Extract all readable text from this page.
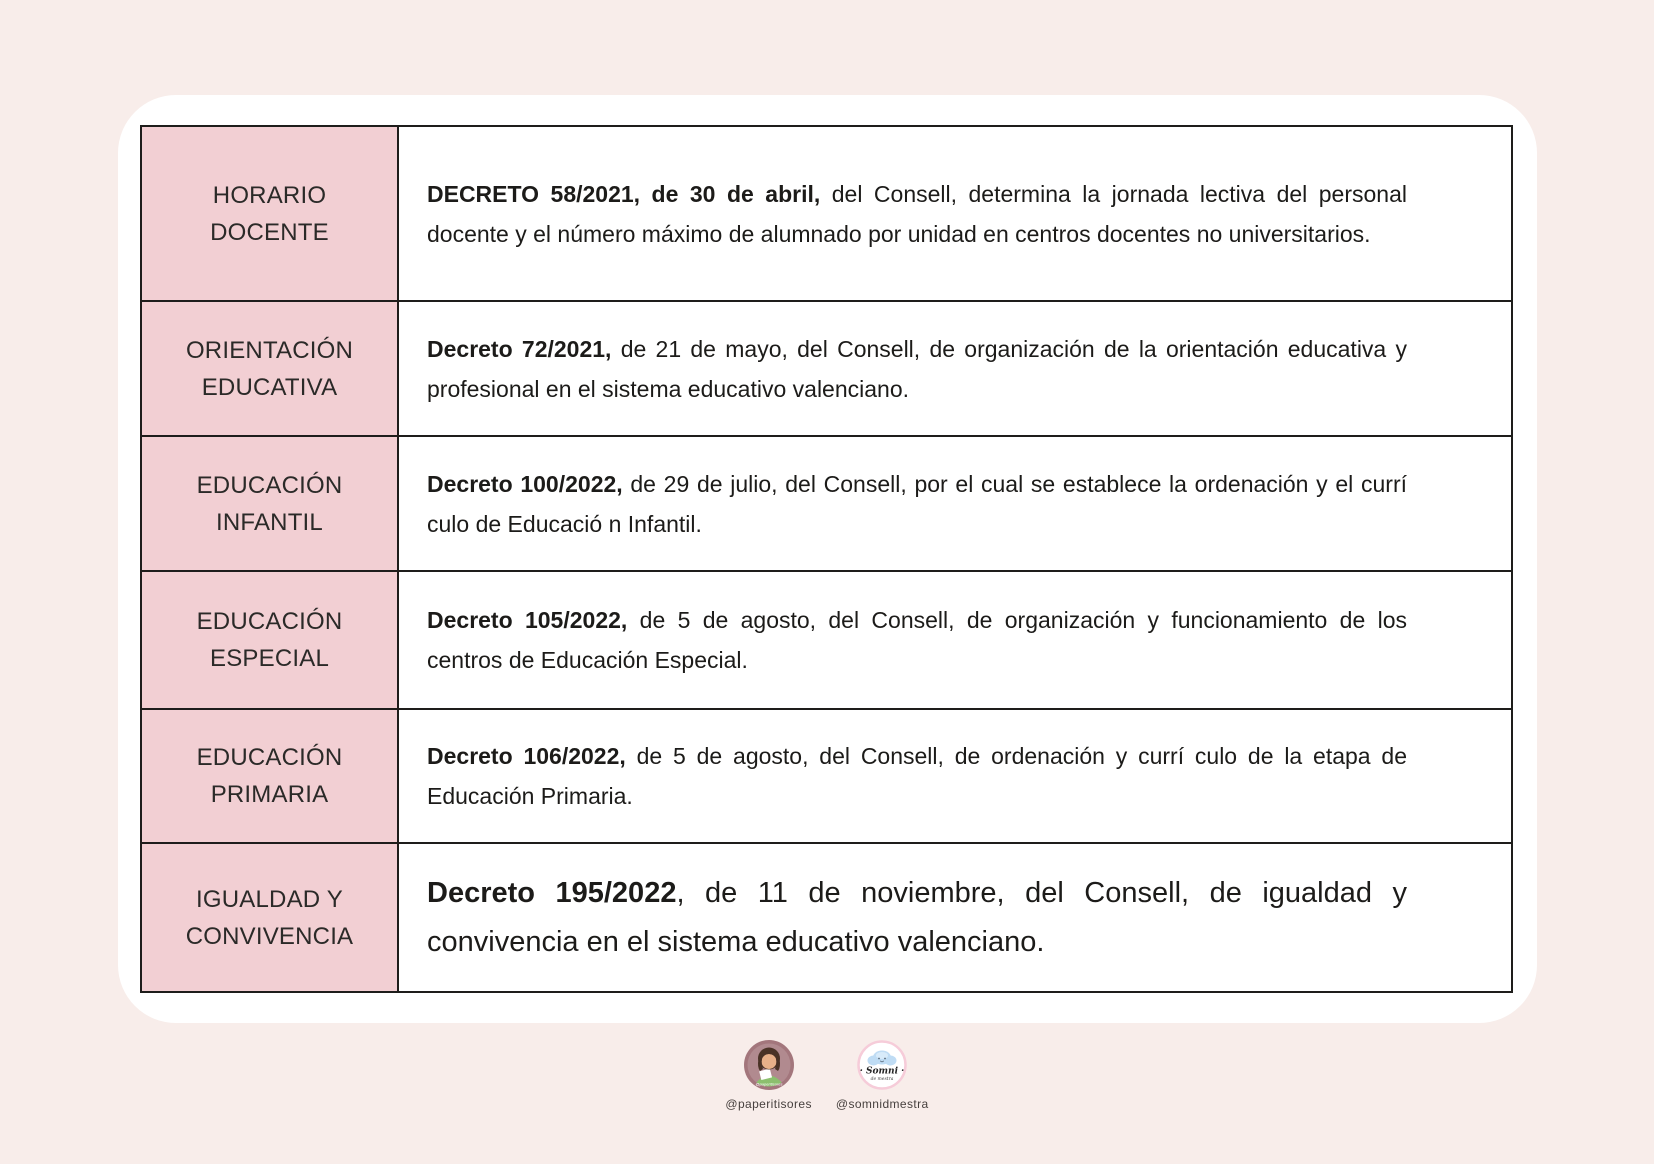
HORARIO DOCENTE

DECRETO 58/2021, de 30 de abril, del Consell, determina la jornada lectiva del personal docente y el número máximo de alumnado por unidad en centros docentes no universitarios.

ORIENTACIÓN EDUCATIVA

Decreto 72/2021, de 21 de mayo, del Consell, de organización de la orientación educativa y profesional en el sistema educativo valenciano.

EDUCACIÓN INFANTIL

Decreto 100/2022, de 29 de julio, del Consell, por el cual se establece la ordenación y el currí culo de Educació n Infantil.

EDUCACIÓN ESPECIAL

Decreto 105/2022, de 5 de agosto, del Consell, de organización y funcionamiento de los centros de Educación Especial.

EDUCACIÓN PRIMARIA

Decreto 106/2022, de 5 de agosto, del Consell, de ordenación y currí culo de la etapa de Educación Primaria.

IGUALDAD Y CONVIVENCIA

Decreto 195/2022, de 11 de noviembre, del Consell, de igualdad y convivencia en el sistema educativo valenciano.

@paperitisores
@paperitisores
· Somni ·
de mestra
@somnidmestra
